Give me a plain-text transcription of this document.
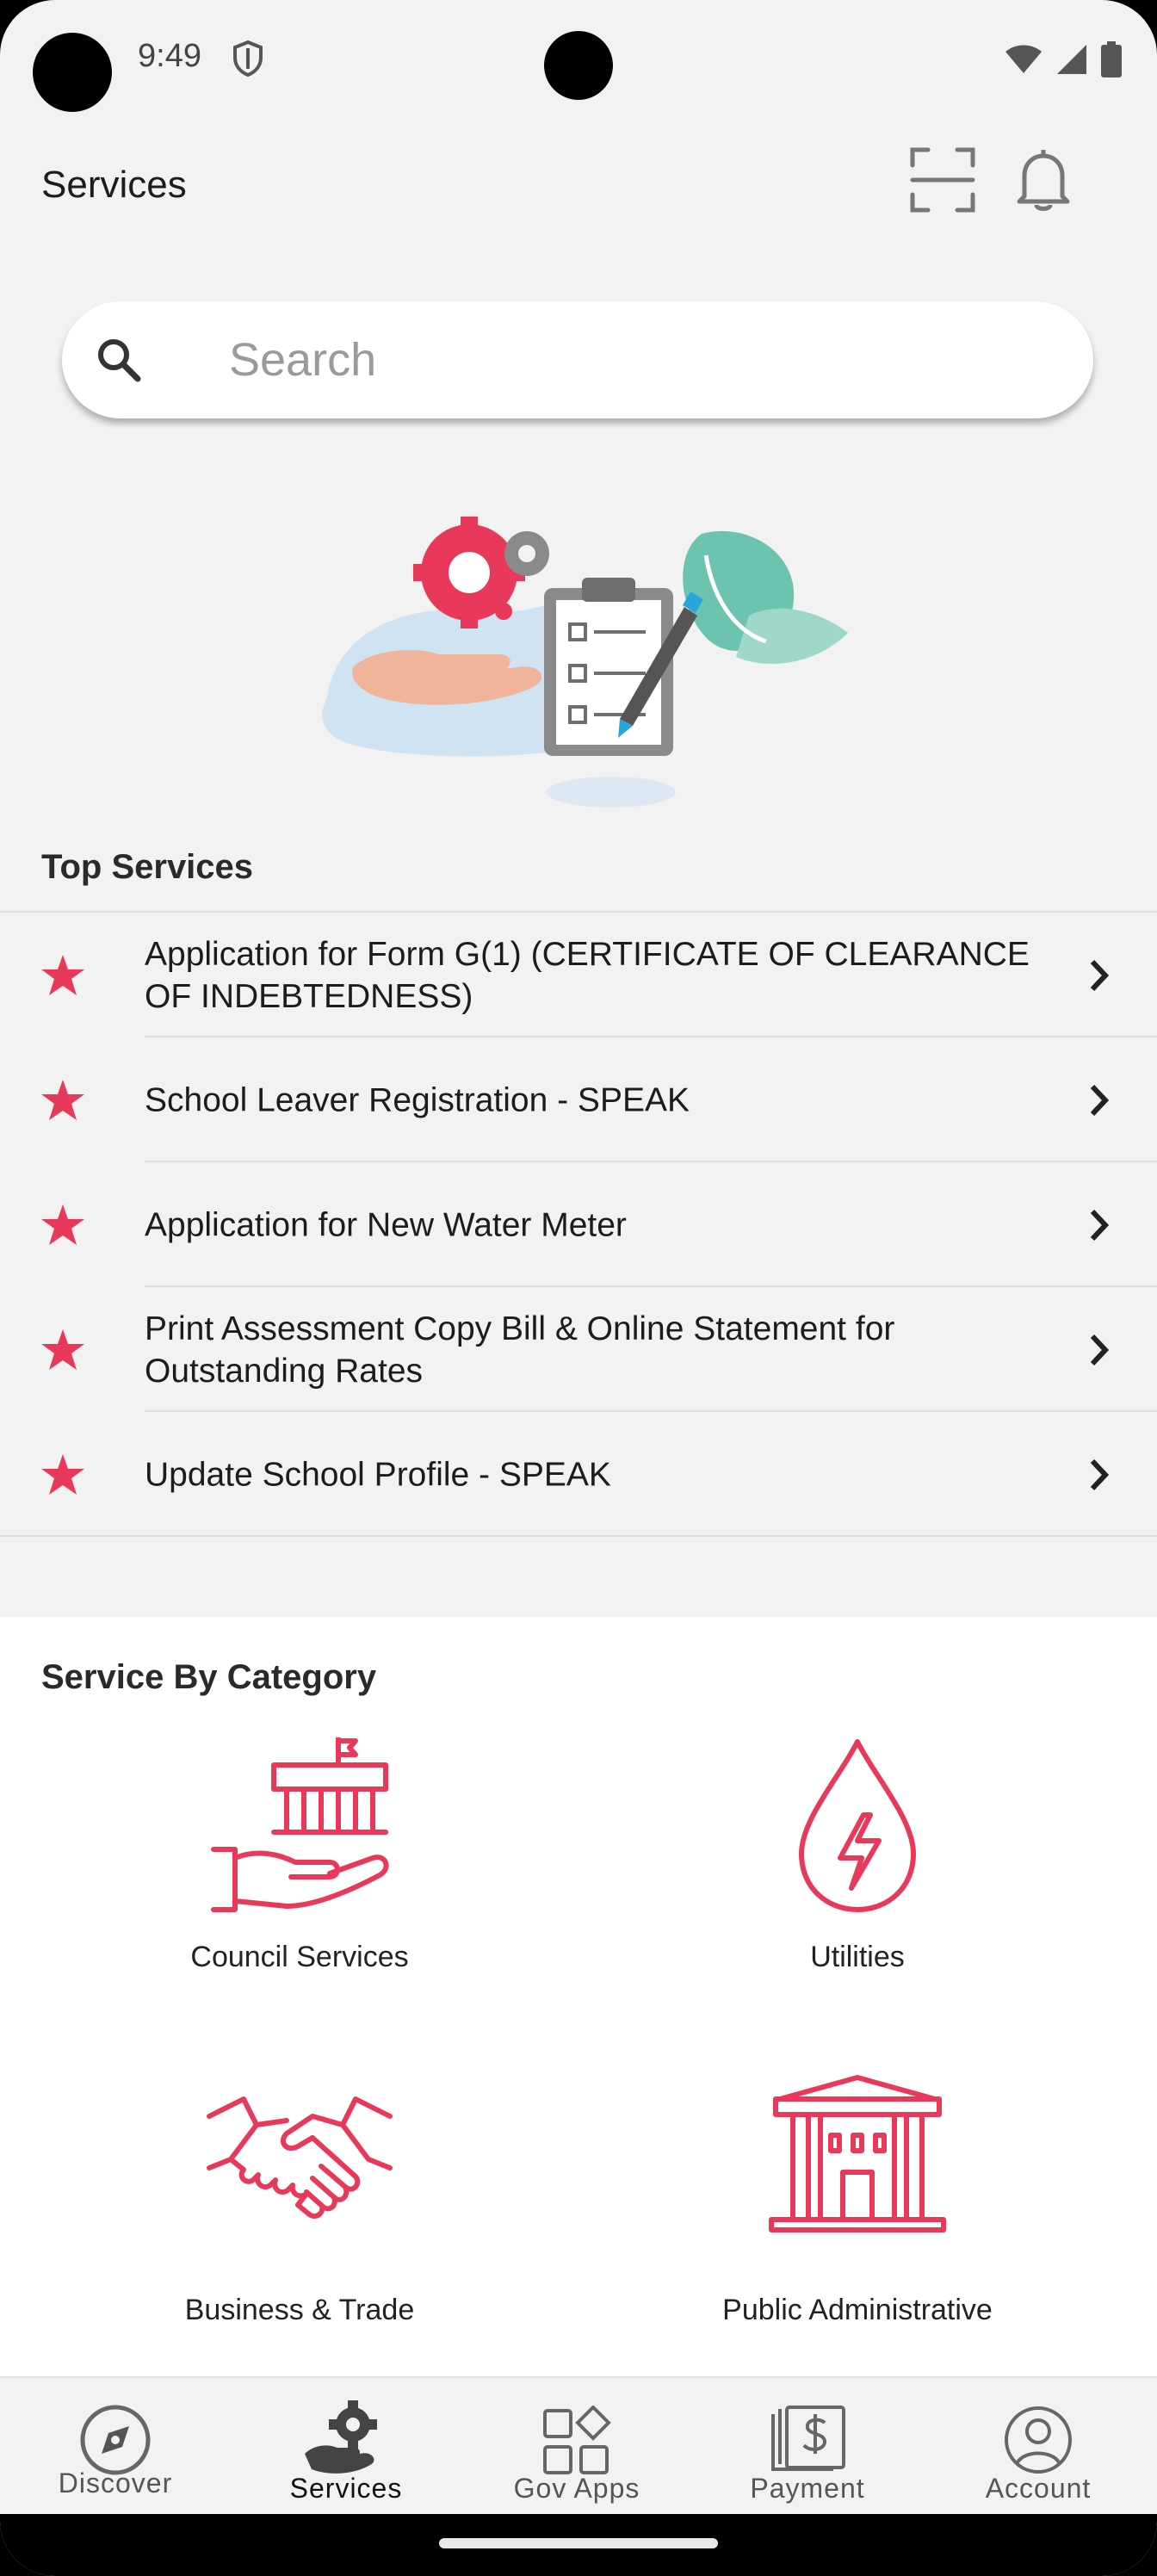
9:49
Services
Search
Top Services
Application for Form G(1) (CERTIFICATE OF CLEARANCE OF INDEBTEDNESS)
School Leaver Registration - SPEAK
Application for New Water Meter
Print Assessment Copy Bill & Online Statement for Outstanding Rates
Update School Profile - SPEAK
Service By Category
Council Services	Utilities
Business & Trade	Public Administrative
Discover	Services	Gov Apps	Payment	Account
